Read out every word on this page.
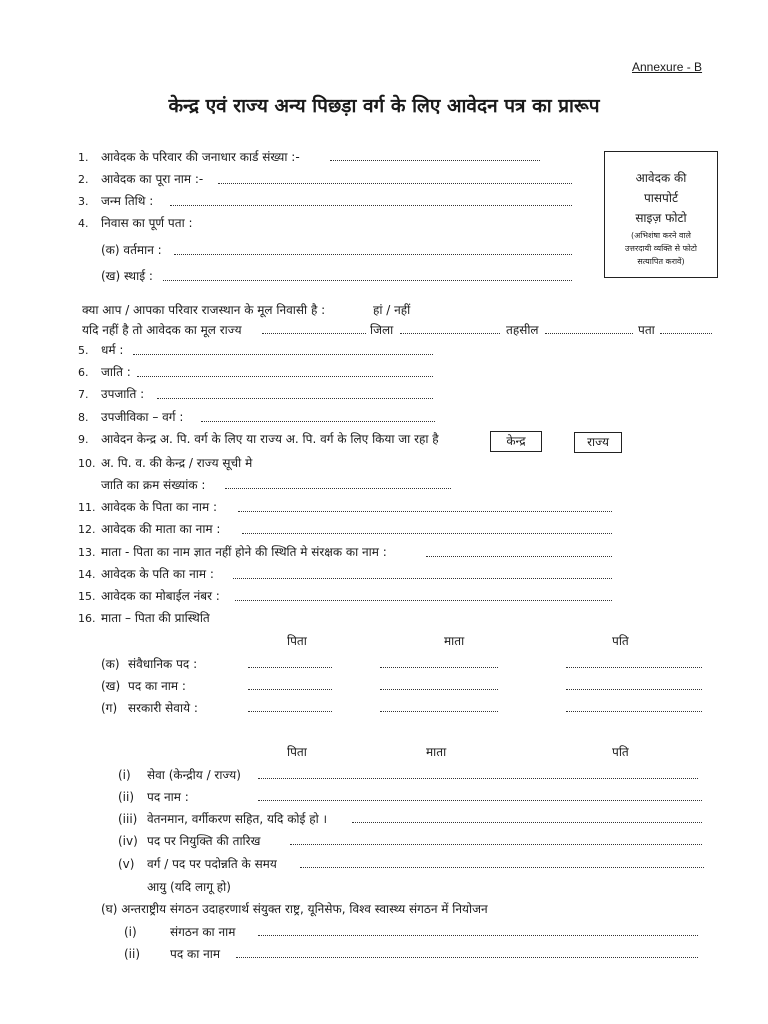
Annexure - B
केन्द्र एवं राज्य अन्य पिछड़ा वर्ग के लिए आवेदन पत्र का प्रारूप
आवेदक की
पासपोर्ट
साइज़ फोटो
(अभिशंषा करने वाले
उत्तरदायी व्यक्ति से फोटो
सत्यापित करावें)
1. आवेदक के परिवार की जनाधार कार्ड संख्या :-
2. आवेदक का पूरा नाम :-
3. जन्म तिथि :
4. निवास का पूर्ण पता :
(क) वर्तमान :
(ख) स्थाई :
क्या आप / आपका परिवार राजस्थान के मूल निवासी है :	हां / नहीं
यदि नहीं है तो आवेदक का मूल राज्य	जिला	तहसील	पता
5. धर्म :
6. जाति :
7. उपजाति :
8. उपजीविका – वर्ग :
9. आवेदन केन्द्र अ. पि. वर्ग के लिए या राज्य अ. पि. वर्ग के लिए किया जा रहा है	केन्द्र	राज्य
10. अ. पि. व. की केन्द्र / राज्य सूची मे
जाति का क्रम संख्यांक :
11. आवेदक के पिता का नाम :
12. आवेदक की माता का नाम :
13. माता - पिता का नाम ज्ञात नहीं होने की स्थिति मे संरक्षक का नाम :
14. आवेदक के पति का नाम :
15. आवेदक का मोबाईल नंबर :
16. माता – पिता की प्रास्थिति
पिता	माता	पति
(क) संवैधानिक पद :
(ख) पद का नाम :
(ग) सरकारी सेवाये :
पिता	माता	पति
(i) सेवा (केन्द्रीय / राज्य)
(ii) पद नाम :
(iii) वेतनमान, वर्गीकरण सहित, यदि कोई हो ।
(iv) पद पर नियुक्ति की तारिख
(v) वर्ग / पद पर पदोन्नति के समय
आयु (यदि लागू हो)
(घ) अन्तराष्ट्रीय संगठन उदाहरणार्थ संयुक्त राष्ट्र, यूनिसेफ, विश्व स्वास्थ्य संगठन में नियोजन
(i)	संगठन का नाम
(ii) पद का नाम
